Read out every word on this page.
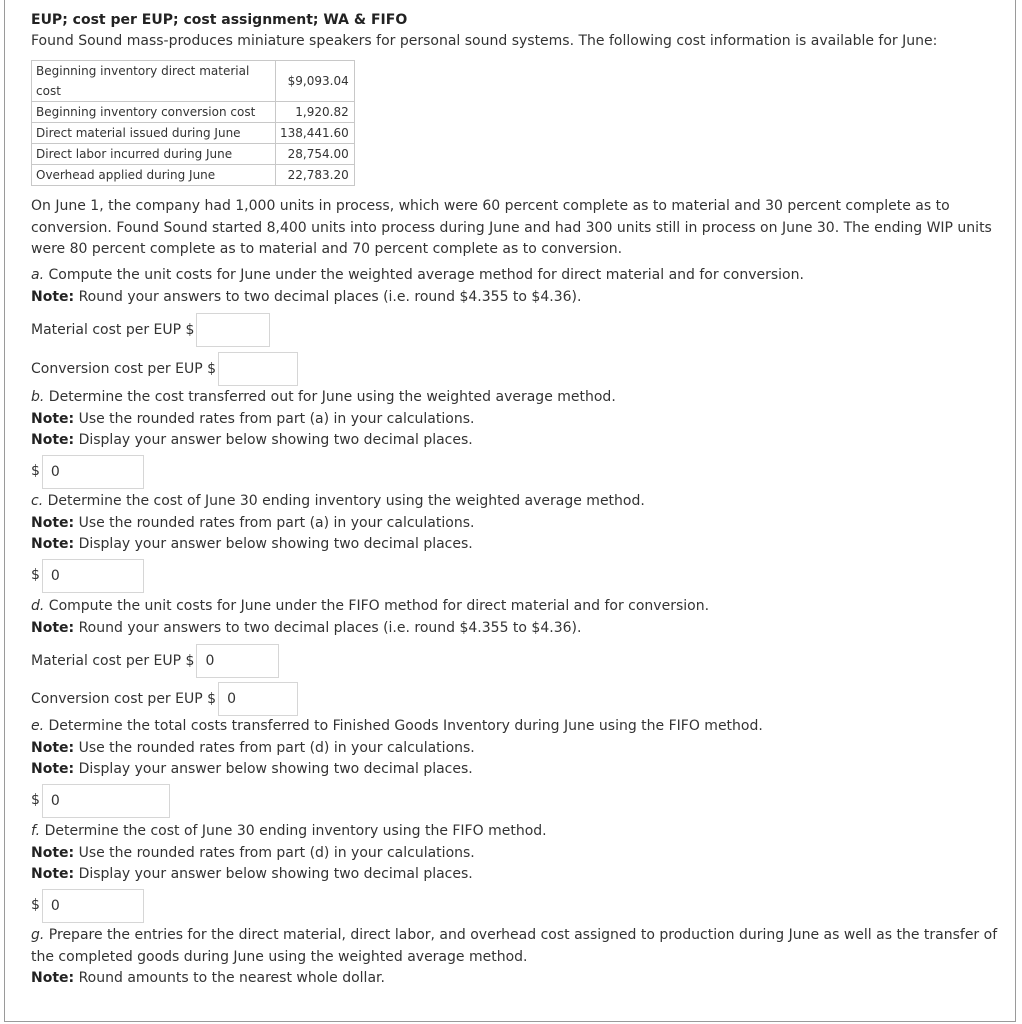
EUP; cost per EUP; cost assignment; WA & FIFO
Found Sound mass-produces miniature speakers for personal sound systems. The following cost information is available for June:
Beginning inventory direct material cost	$9,093.04
Beginning inventory conversion cost	1,920.82
Direct material issued during June	138,441.60
Direct labor incurred during June	28,754.00
Overhead applied during June	22,783.20
On June 1, the company had 1,000 units in process, which were 60 percent complete as to material and 30 percent complete as to conversion. Found Sound started 8,400 units into process during June and had 300 units still in process on June 30. The ending WIP units were 80 percent complete as to material and 70 percent complete as to conversion.
a. Compute the unit costs for June under the weighted average method for direct material and for conversion.
Note: Round your answers to two decimal places (i.e. round $4.355 to $4.36).
Material cost per EUP
$
Conversion cost per EUP
$
b. Determine the cost transferred out for June using the weighted average method.
Note: Use the rounded rates from part (a) in your calculations.
Note: Display your answer below showing two decimal places.
$ 0
c. Determine the cost of June 30 ending inventory using the weighted average method.
Note: Use the rounded rates from part (a) in your calculations.
Note: Display your answer below showing two decimal places.
$ 0
d. Compute the unit costs for June under the FIFO method for direct material and for conversion.
Note: Round your answers to two decimal places (i.e. round $4.355 to $4.36).
Material cost per EUP
$ 0
Conversion cost per EUP
$ 0
e. Determine the total costs transferred to Finished Goods Inventory during June using the FIFO method.
Note: Use the rounded rates from part (d) in your calculations.
Note: Display your answer below showing two decimal places.
$ 0
f. Determine the cost of June 30 ending inventory using the FIFO method.
Note: Use the rounded rates from part (d) in your calculations.
Note: Display your answer below showing two decimal places.
$ 0
g. Prepare the entries for the direct material, direct labor, and overhead cost assigned to production during June as well as the transfer of the completed goods during June using the weighted average method.
Note: Round amounts to the nearest whole dollar.
